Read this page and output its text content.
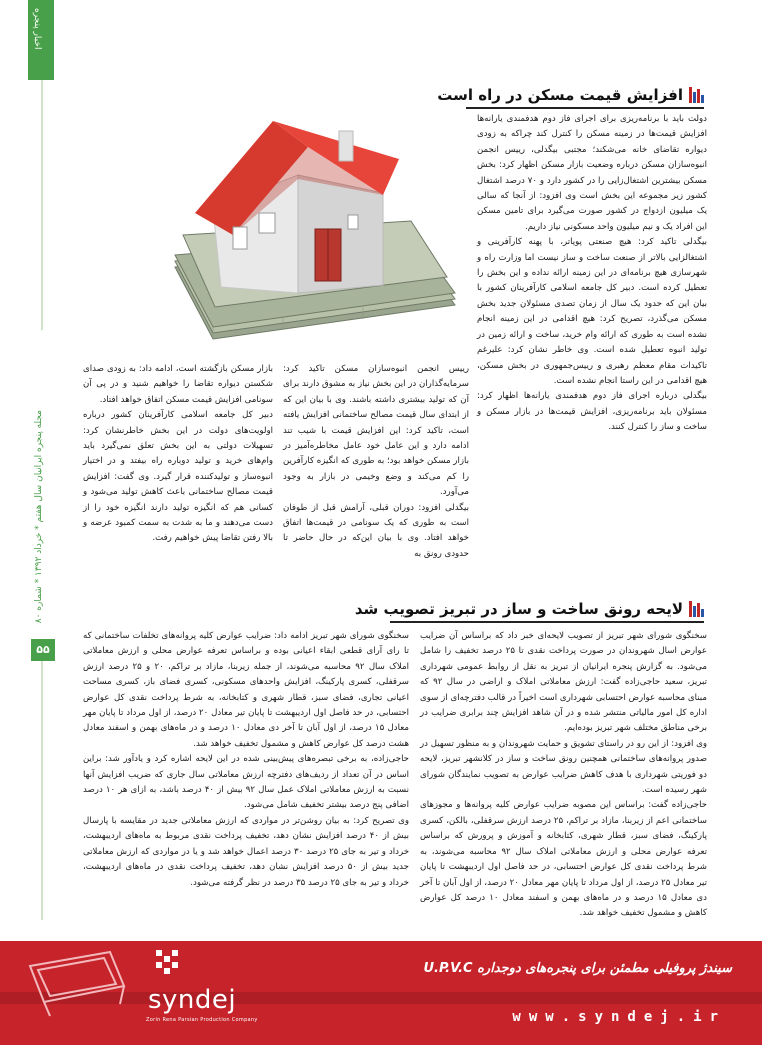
اخبار پنجره
مجله پنجره ایرانیان سال هفتم * خرداد ۱۳۹۲ * شماره ۸۰
۵۵
افزایش قیمت مسکن در راه است
دولت باید با برنامه‌ریزی برای اجرای فاز دوم هدفمندی یارانه‌ها افزایش قیمت‌ها در زمینه مسکن را کنترل کند چراکه به زودی دیواره تقاضای خانه می‌شکند؛ مجتبی بیگدلی، رییس انجمن انبوه‌سازان مسکن درباره وضعیت بازار مسکن اظهار کرد: بخش مسکن بیشترین اشتغال‌زایی را در کشور دارد و ۷۰ درصد اشتغال کشور زیر مجموعه این بخش است وی افزود: از آنجا که سالی یک میلیون ازدواج در کشور صورت می‌گیرد برای تامین مسکن این افراد یک و نیم میلیون واحد مسکونی نیاز داریم.
بیگدلی تاکید کرد: هیچ صنعتی پویاتر، با پهنه کارآفرینی و اشتغالزایی بالاتر از صنعت ساخت و ساز نیست اما وزارت راه و شهرسازی هیچ برنامه‌ای در این زمینه ارائه نداده و این بخش را تعطیل کرده است. دبیر کل جامعه اسلامی کارآفرینان کشور با بیان این که حدود یک سال از زمان تصدی مسئولان جدید بخش مسکن می‌گذرد، تصریح کرد: هیچ اقدامی در این زمینه انجام نشده است به طوری که ارائه وام خرید، ساخت و ارائه زمین در تولید انبوه تعطیل شده است. وی خاطر نشان کرد: علیرغم تاکیدات مقام معظم رهبری و رییس‌جمهوری در بخش مسکن، هیچ اقدامی در این راستا انجام نشده است.
بیگدلی درباره اجرای فاز دوم هدفمندی یارانه‌ها اظهار کرد: مسئولان باید برنامه‌ریزی، افزایش قیمت‌ها در بازار مسکن و ساخت و ساز را کنترل کنند.
رییس انجمن انبوه‌سازان مسکن تاکید کرد: سرمایه‌گذاران در این بخش نیاز به مشوق دارند برای آن که تولید بیشتری داشته باشند. وی با بیان این که از ابتدای سال قیمت مصالح ساختمانی افزایش یافته است، تاکید کرد: این افزایش قیمت با شیب تند ادامه دارد و این عامل خود عامل مخاطره‌آمیز در بازار مسکن خواهد بود؛ به طوری که انگیزه کارآفرین را کم می‌کند و وضع وخیمی در بازار به وجود می‌آورد.
بیگدلی افزود: دوران قبلی، آرامش قبل از طوفان است به طوری که یک سونامی در قیمت‌ها اتفاق خواهد افتاد. وی با بیان این‌که در حال حاضر تا حدودی رونق به
بازار مسکن بازگشته است، ادامه داد: به زودی صدای شکستن دیواره تقاضا را خواهیم شنید و در پی آن سونامی افزایش قیمت مسکن اتفاق خواهد افتاد.
دبیر کل جامعه اسلامی کارآفرینان کشور درباره اولویت‌های دولت در این بخش خاطرنشان کرد: تسهیلات دولتی به این بخش تعلق نمی‌گیرد باید وام‌های خرید و تولید دوباره راه بیفتد و در اختیار انبوه‌ساز و تولیدکننده قرار گیرد. وی گفت: افزایش قیمت مصالح ساختمانی باعث کاهش تولید می‌شود و کسانی هم که انگیزه تولید دارند انگیزه خود را از دست می‌دهند و ما به شدت به سمت کمبود عرضه و بالا رفتن تقاضا پیش خواهیم رفت.
لایحه رونق ساخت و ساز در تبریز تصویب شد
سخنگوی شورای شهر تبریز از تصویب لایحه‌ای خبر داد که براساس آن ضرایب عوارض اسال شهروندان در صورت پرداخت نقدی تا ۲۵ درصد تخفیف را شامل می‌شود. به گزارش پنجره ایرانیان از تبریز به نقل از روابط عمومی شهرداری تبریز، سعید حاجی‌زاده گفت: ارزش معاملاتی املاک و اراضی در سال ۹۲ که مبنای محاسبه عوارض احتسابی شهرداری است اخیراً در قالب دفترچه‌ای از سوی اداره کل امور مالیاتی منتشر شده و در آن شاهد افزایش چند برابری ضرایب در برخی مناطق مختلف شهر تبریز بوده‌ایم.
وی افزود: از این رو در راستای تشویق و حمایت شهروندان و به منظور تسهیل در صدور پروانه‌های ساختمانی همچنین رونق ساخت و ساز در کلانشهر تبریز، لایحه دو فوریتی شهرداری با هدف کاهش ضرایب عوارض به تصویب نمایندگان شورای شهر رسیده است.
حاجی‌زاده گفت: براساس این مصوبه ضرایب عوارض کلیه پروانه‌ها و مجوزهای ساختمانی اعم از زیربنا، مازاد بر تراکم، ۲۵ درصد ارزش سرقفلی، بالکن، کسری پارکینگ، فضای سبز، قطار شهری، کتابخانه و آموزش و پرورش که براساس تعرفه عوارض محلی و ارزش معاملاتی املاک سال ۹۲ محاسبه می‌شوند، به شرط پرداخت نقدی کل عوارض احتسابی، در حد فاصل اول اردیبهشت تا پایان تیر معادل ۲۵ درصد، از اول مرداد تا پایان مهر معادل ۲۰ درصد، از اول آبان تا آخر دی معادل ۱۵ درصد و در ماه‌های بهمن و اسفند معادل ۱۰ درصد کل عوارض کاهش و مشمول تخفیف خواهد شد.
سخنگوی شورای شهر تبریز ادامه داد: ضرایب عوارض کلیه پروانه‌های تخلفات ساختمانی که تا رای آرای قطعی ابقاء اعیانی بوده و براساس تعرفه عوارض محلی و ارزش معاملاتی املاک سال ۹۲ محاسبه می‌شوند، از جمله زیربنا، مازاد بر تراکم، ۲۰ و ۲۵ درصد ارزش سرقفلی، کسری پارکینگ، افزایش واحدهای مسکونی، کسری فضای باز، کسری مساحت اعیانی تجاری، فضای سبز، قطار شهری و کتابخانه، به شرط پرداخت نقدی کل عوارض احتسابی، در حد فاصل اول اردیبهشت تا پایان تیر معادل ۲۰ درصد، از اول مرداد تا پایان مهر معادل ۱۵ درصد، از اول آبان تا آخر دی معادل ۱۰ درصد و در ماه‌های بهمن و اسفند معادل هشت درصد کل عوارض کاهش و مشمول تخفیف خواهد شد.
حاجی‌زاده، به برخی تبصره‌های پیش‌بینی شده در این لایحه اشاره کرد و یادآور شد: براین اساس در آن تعداد از ردیف‌های دفترچه ارزش معاملاتی سال جاری که ضریب افزایش آنها نسبت به ارزش معاملاتی املاک عمل سال ۹۲ بیش از ۴۰ درصد باشد، به ازای هر ۱۰ درصد اضافی پنج درصد بیشتر تخفیف شامل می‌شود.
وی تصریح کرد: به بیان روشن‌تر در مواردی که ارزش معاملاتی جدید در مقایسه با پارسال بیش از ۴۰ درصد افزایش نشان دهد، تخفیف پرداخت نقدی مربوط به ماه‌های اردیبهشت، خرداد و تیر به جای ۲۵ درصد ۳۰ درصد اعمال خواهد شد و یا در مواردی که ارزش معاملاتی جدید بیش از ۵۰ درصد افزایش نشان دهد، تخفیف پرداخت نقدی در ماه‌های اردیبهشت، خرداد و تیر به جای ۲۵ درصد ۳۵ درصد در نظر گرفته می‌شود.
syndej
Zorin Rena Parsian Production Company
سیندژ پروفیلی مطمئن برای پنجره‌های دوجداره U.P.V.C
www.syndej.ir
